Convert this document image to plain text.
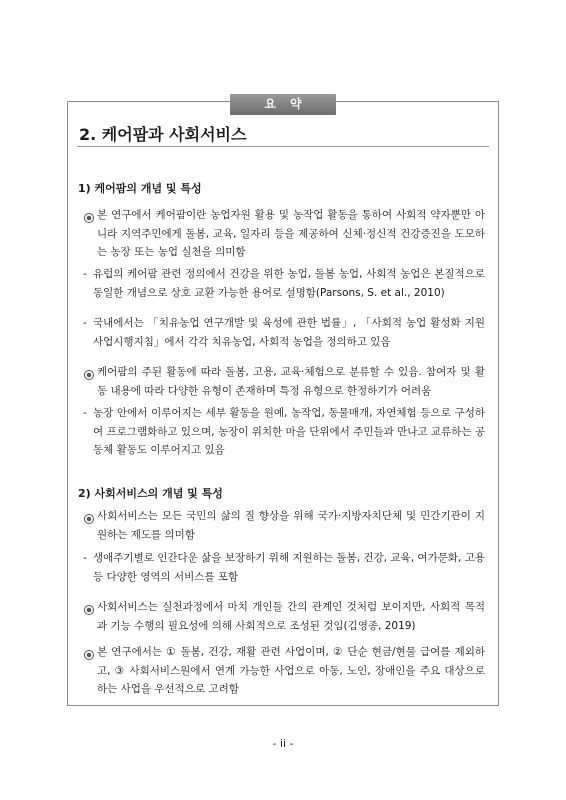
요약
2. 케어팜과 사회서비스
1) 케어팜의 개념 및 특성
본 연구에서 케어팜이란 농업자원 활용 및 농작업 활동을 통하여 사회적 약자뿐만 아니라 지역주민에게 돌봄, 교육, 일자리 등을 제공하여 신체·정신적 건강증진을 도모하는 농장 또는 농업 실천을 의미함
- 유럽의 케어팜 관련 정의에서 건강을 위한 농업, 돌봄 농업, 사회적 농업은 본질적으로 동일한 개념으로 상호 교환 가능한 용어로 설명함(Parsons, S. et al., 2010)
- 국내에서는 「치유농업 연구개발 및 육성에 관한 법률」, 「사회적 농업 활성화 지원 사업시행지침」에서 각각 치유농업, 사회적 농업을 정의하고 있음
케어팜의 주된 활동에 따라 돌봄, 고용, 교육·체험으로 분류할 수 있음. 참여자 및 활동 내용에 따라 다양한 유형이 존재하며 특정 유형으로 한정하기가 어려움
- 농장 안에서 이루어지는 세부 활동을 원예, 농작업, 동물매개, 자연체험 등으로 구성하여 프로그램화하고 있으며, 농장이 위치한 마을 단위에서 주민들과 만나고 교류하는 공동체 활동도 이루어지고 있음
2) 사회서비스의 개념 및 특성
사회서비스는 모든 국민의 삶의 질 향상을 위해 국가·지방자치단체 및 민간기관이 지원하는 제도를 의미함
- 생애주기별로 인간다운 삶을 보장하기 위해 지원하는 돌봄, 건강, 교육, 여가문화, 고용 등 다양한 영역의 서비스를 포함
사회서비스는 실천과정에서 마치 개인들 간의 관계인 것처럼 보이지만, 사회적 목적과 기능 수행의 필요성에 의해 사회적으로 조성된 것임(김영종, 2019)
본 연구에서는 ① 돌봄, 건강, 재활 관련 사업이며, ② 단순 현금/현물 급여를 제외하고, ③ 사회서비스원에서 연계 가능한 사업으로 아동, 노인, 장애인을 주요 대상으로 하는 사업을 우선적으로 고려함
- ii -
